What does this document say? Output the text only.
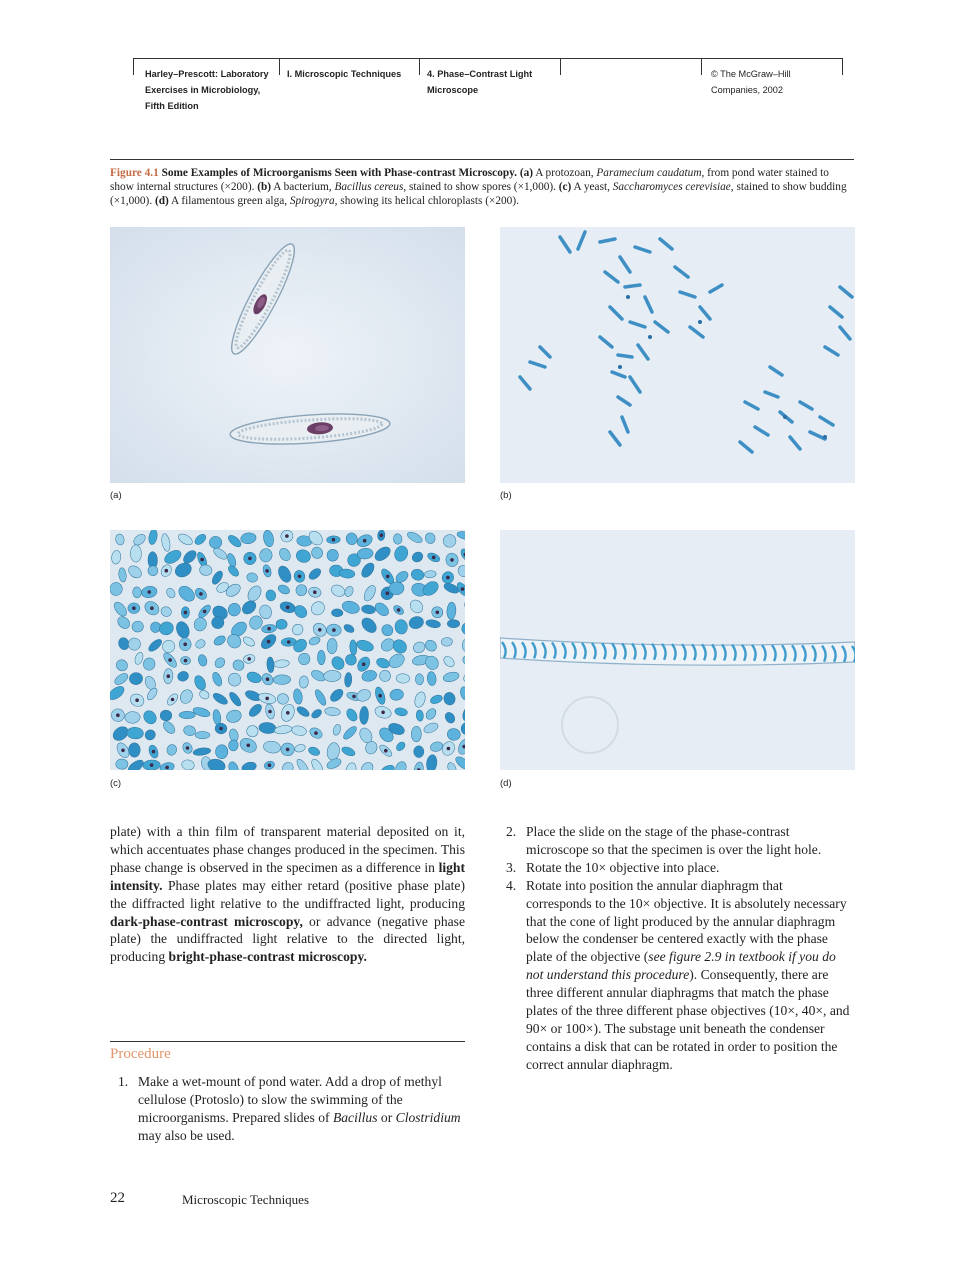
Harley–Prescott: Laboratory Exercises in Microbiology, Fifth Edition
I. Microscopic Techniques	4. Phase–Contrast Light Microscope
© The McGraw–Hill Companies, 2002
Figure 4.1 Some Examples of Microorganisms Seen with Phase-contrast Microscopy. (a) A protozoan, Paramecium caudatum, from pond water stained to show internal structures (×200). (b) A bacterium, Bacillus cereus, stained to show spores (×1,000). (c) A yeast, Saccharomyces cerevisiae, stained to show budding (×1,000). (d) A filamentous green alga, Spirogyra, showing its helical chloroplasts (×200).
(a)	(b)
(c)	(d)
plate) with a thin film of transparent material deposited on it, which accentuates phase changes produced in the specimen. This phase change is observed in the specimen as a difference in light intensity. Phase plates may either retard (positive phase plate) the diffracted light relative to the undiffracted light, producing dark-phase-contrast microscopy, or advance (negative phase plate) the undiffracted light relative to the directed light, producing bright-phase-contrast microscopy.
Procedure
1. Make a wet-mount of pond water. Add a drop of methyl cellulose (Protoslo) to slow the swimming of the microorganisms. Prepared slides of Bacillus or Clostridium may also be used.
2. Place the slide on the stage of the phase-contrast microscope so that the specimen is over the light hole.
3. Rotate the 10× objective into place.
4. Rotate into position the annular diaphragm that corresponds to the 10× objective. It is absolutely necessary that the cone of light produced by the annular diaphragm below the condenser be centered exactly with the phase plate of the objective (see figure 2.9 in textbook if you do not understand this procedure). Consequently, there are three different annular diaphragms that match the phase plates of the three different phase objectives (10×, 40×, and 90× or 100×). The substage unit beneath the condenser contains a disk that can be rotated in order to position the correct annular diaphragm.
22	Microscopic Techniques
